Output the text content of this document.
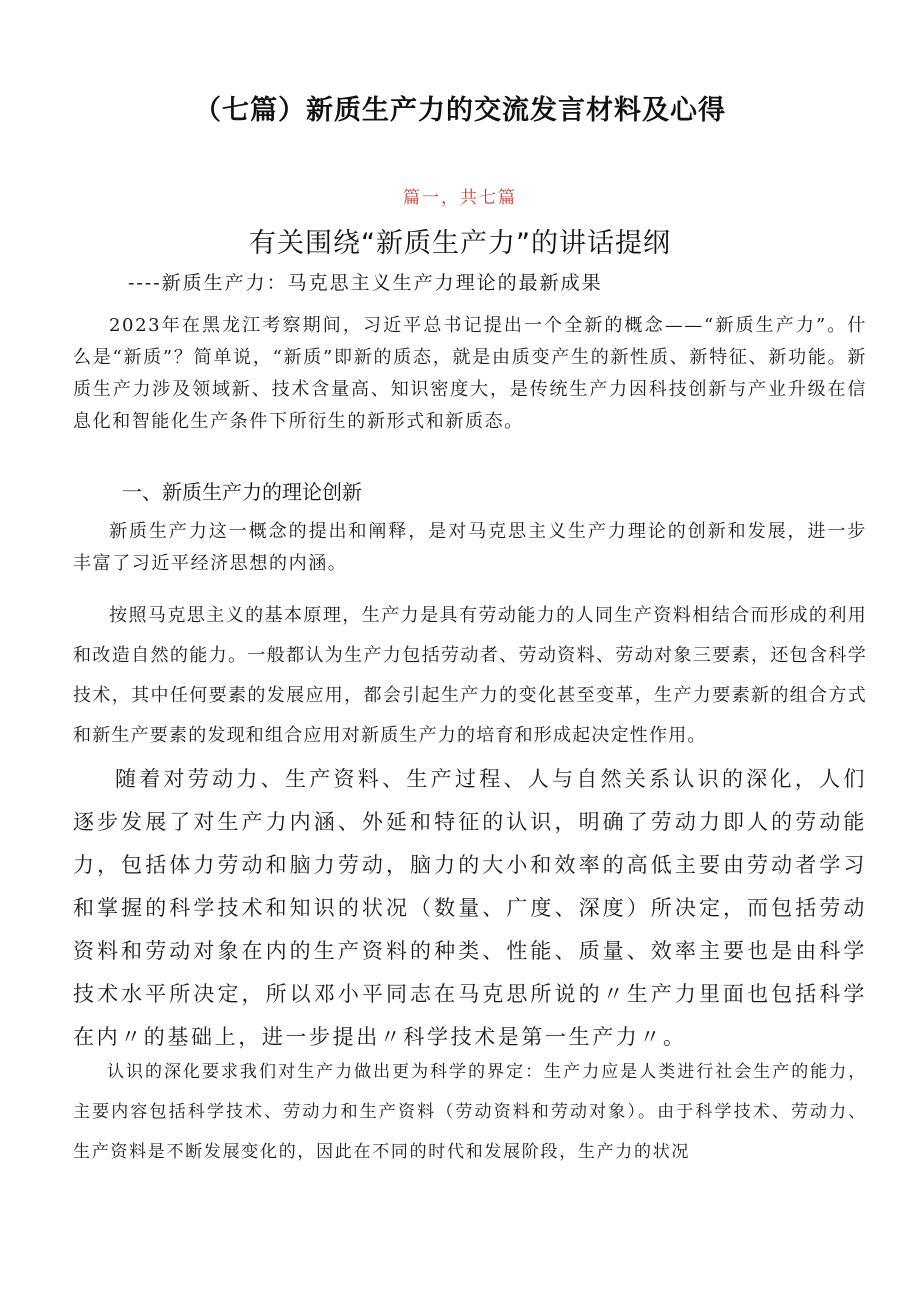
（七篇）新质生产力的交流发言材料及心得
篇一，共七篇
有关围绕“新质生产力”的讲话提纲
----新质生产力：马克思主义生产力理论的最新成果

2023年在黑龙江考察期间，习近平总书记提出一个全新的概念——“新质生产力”。什么是“新质”？简单说，“新质”即新的质态，就是由质变产生的新性质、新特征、新功能。新质生产力涉及领域新、技术含量高、知识密度大，是传统生产力因科技创新与产业升级在信息化和智能化生产条件下所衍生的新形式和新质态。

一、新质生产力的理论创新

新质生产力这一概念的提出和阐释，是对马克思主义生产力理论的创新和发展，进一步丰富了习近平经济思想的内涵。

按照马克思主义的基本原理，生产力是具有劳动能力的人同生产资料相结合而形成的利用和改造自然的能力。一般都认为生产力包括劳动者、劳动资料、劳动对象三要素，还包含科学技术，其中任何要素的发展应用，都会引起生产力的变化甚至变革，生产力要素新的组合方式和新生产要素的发现和组合应用对新质生产力的培育和形成起决定性作用。

随着对劳动力、生产资料、生产过程、人与自然关系认识的深化，人们逐步发展了对生产力内涵、外延和特征的认识，明确了劳动力即人的劳动能力，包括体力劳动和脑力劳动，脑力的大小和效率的高低主要由劳动者学习和掌握的科学技术和知识的状况（数量、广度、深度）所决定，而包括劳动资料和劳动对象在内的生产资料的种类、性能、质量、效率主要也是由科学技术水平所决定，所以邓小平同志在马克思所说的〃生产力里面也包括科学在内〃的基础上，进一步提出〃科学技术是第一生产力〃。

认识的深化要求我们对生产力做出更为科学的界定：生产力应是人类进行社会生产的能力，主要内容包括科学技术、劳动力和生产资料（劳动资料和劳动对象）。由于科学技术、劳动力、生产资料是不断发展变化的，因此在不同的时代和发展阶段，生产力的状况
